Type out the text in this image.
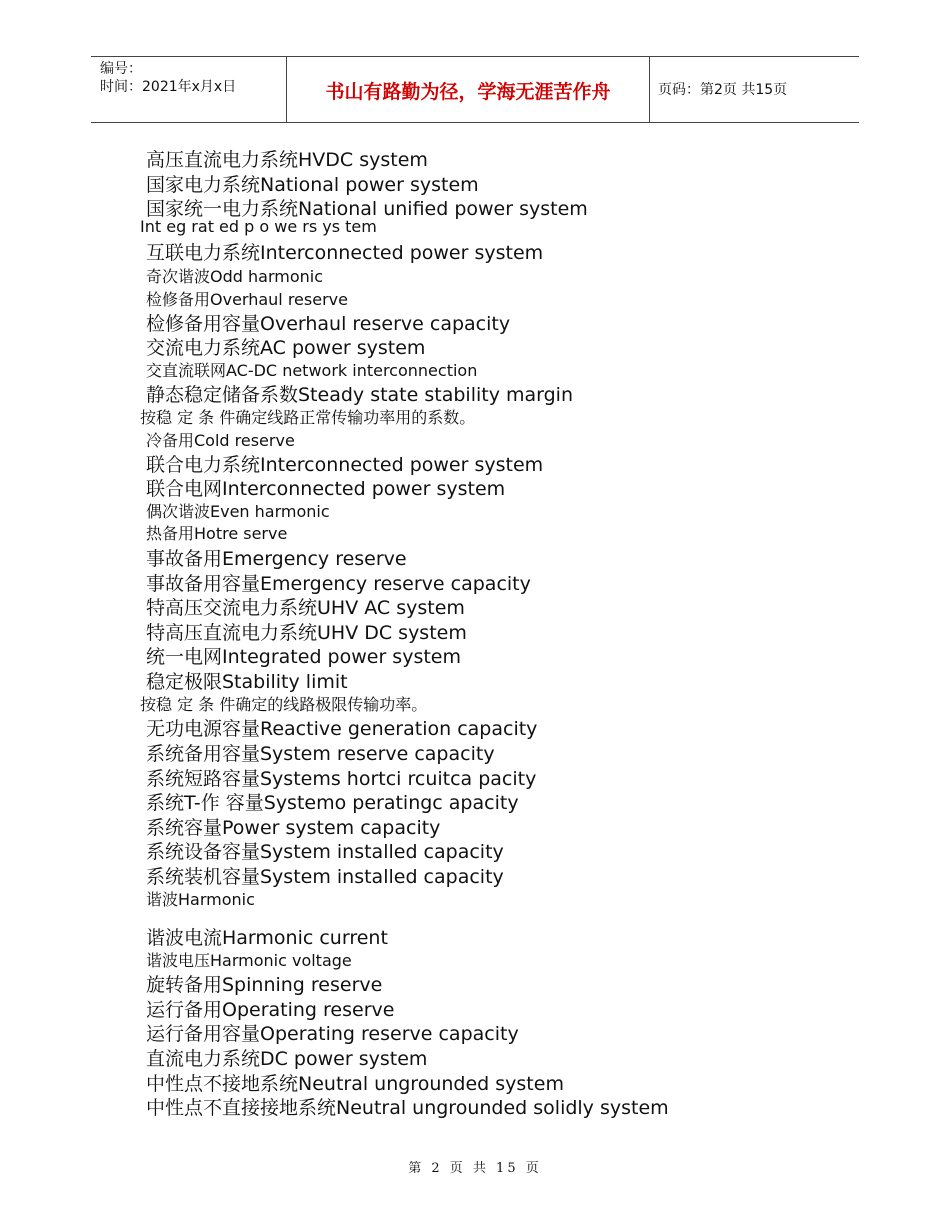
编号：
时间：2021年x月x日	书山有路勤为径，学海无涯苦作舟	页码：第2页 共15页
高压直流电力系统HVDC system
国家电力系统National power system
国家统一电力系统National unified power system
Int eg rat ed p o we rs ys tem
互联电力系统Interconnected power system
奇次谐波Odd harmonic
检修备用Overhaul reserve
检修备用容量Overhaul reserve capacity
交流电力系统AC power system
交直流联网AC-DC network interconnection
静态稳定储备系数Steady state stability margin
按稳 定 条 件确定线路正常传输功率用的系数。
冷备用Cold reserve
联合电力系统Interconnected power system
联合电网Interconnected power system
偶次谐波Even harmonic
热备用Hotre serve
事故备用Emergency reserve
事故备用容量Emergency reserve capacity
特高压交流电力系统UHV AC system
特高压直流电力系统UHV DC system
统一电网Integrated power system
稳定极限Stability limit
按稳 定 条 件确定的线路极限传输功率。
无功电源容量Reactive generation capacity
系统备用容量System reserve capacity
系统短路容量Systems hortci rcuitca pacity
系统T-作 容量Systemo peratingc apacity
系统容量Power system capacity
系统设备容量System installed capacity
系统装机容量System installed capacity
谐波Harmonic
谐波电流Harmonic current
谐波电压Harmonic voltage
旋转备用Spinning reserve
运行备用Operating reserve
运行备用容量Operating reserve capacity
直流电力系统DC power system
中性点不接地系统Neutral ungrounded system
中性点不直接接地系统Neutral ungrounded solidly system
第 2 页 共 15 页
